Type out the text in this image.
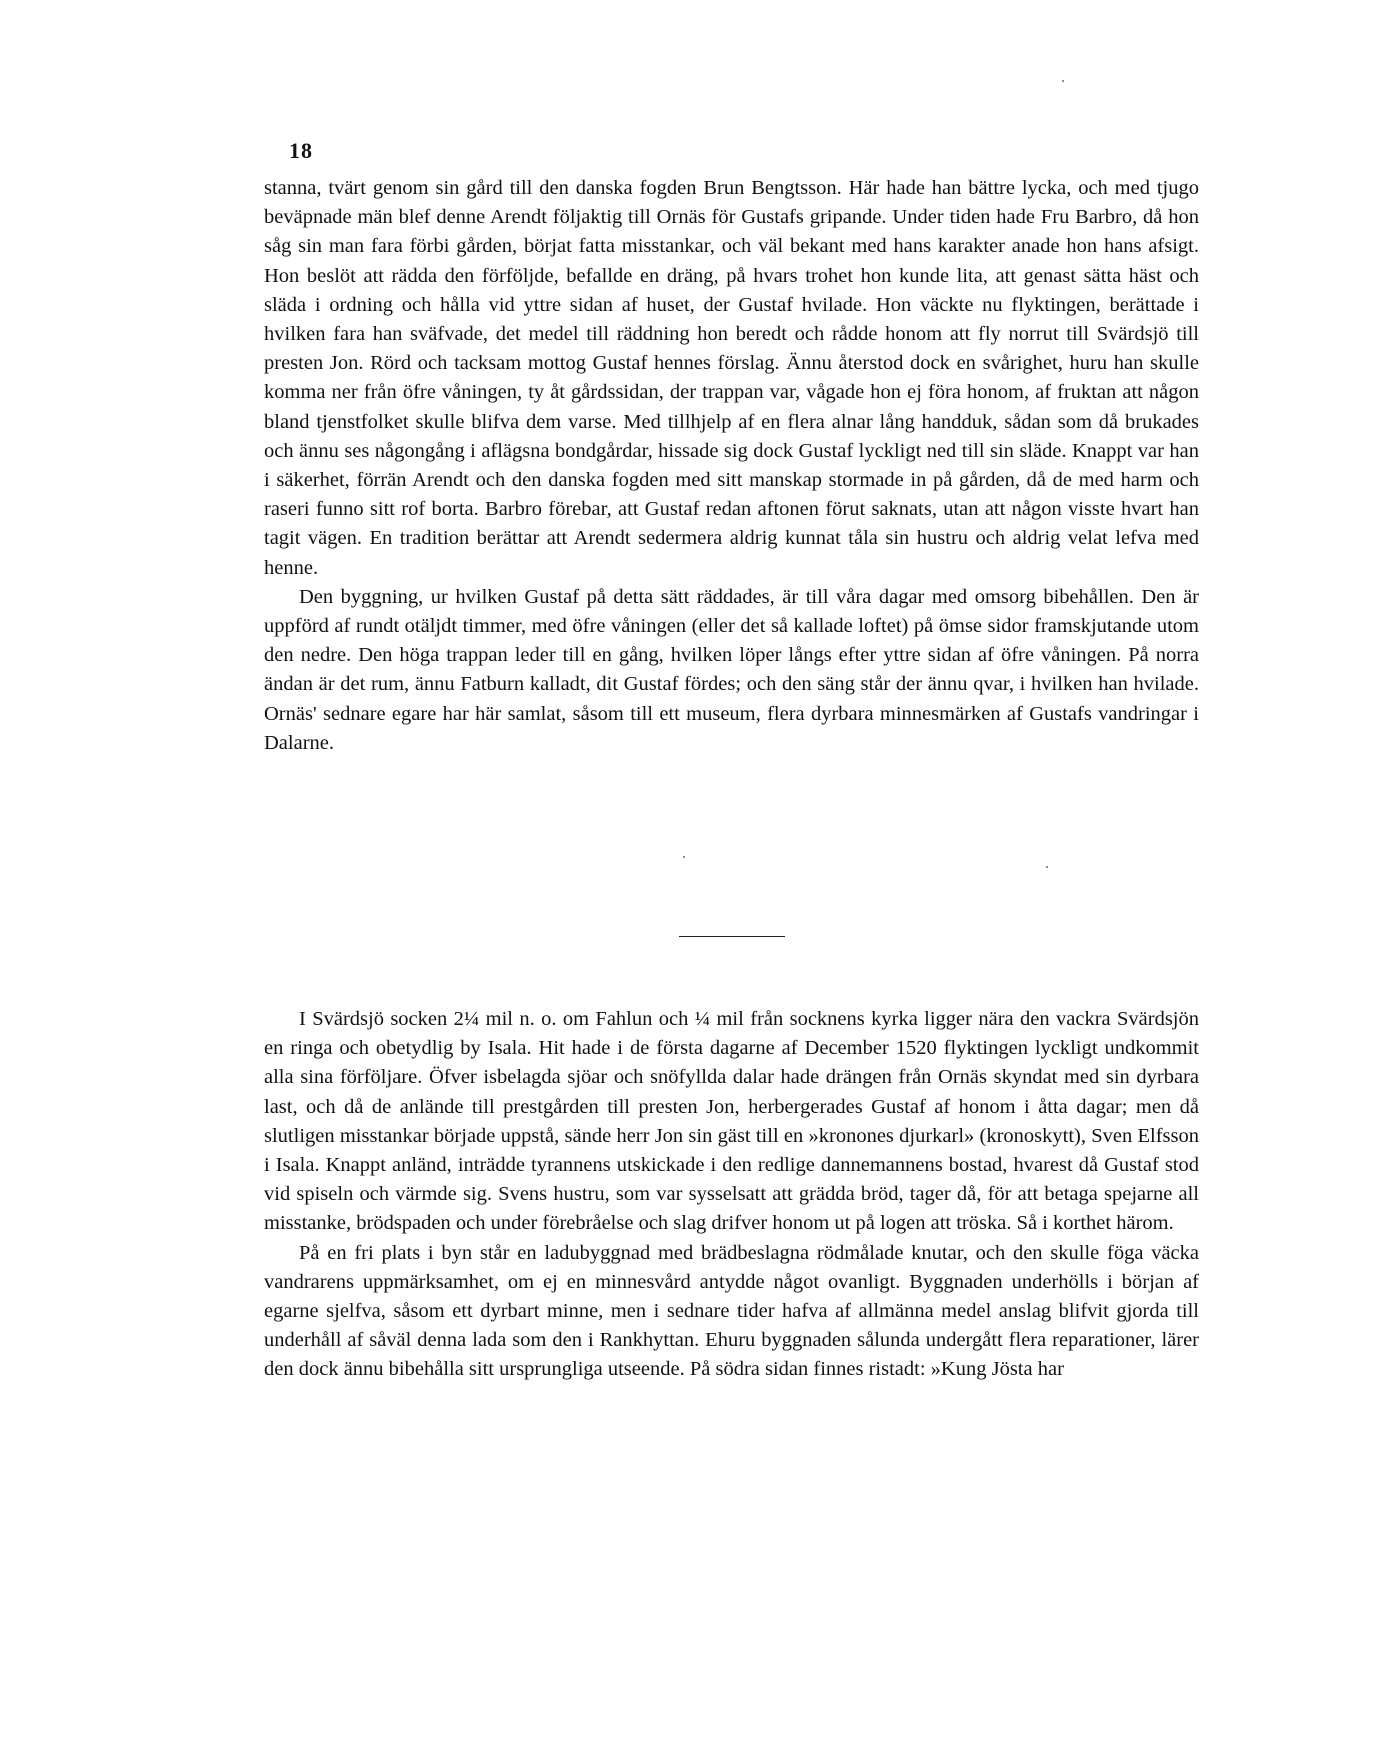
18

stanna, tvärt genom sin gård till den danska fogden Brun Bengtsson. Här hade han bättre lycka, och med tjugo beväpnade män blef denne Arendt följaktig till Ornäs för Gustafs gripande. Under tiden hade Fru Barbro, då hon såg sin man fara förbi gården, börjat fatta misstankar, och väl bekant med hans karakter anade hon hans afsigt. Hon beslöt att rädda den förföljde, befallde en dräng, på hvars trohet hon kunde lita, att genast sätta häst och släda i ordning och hålla vid yttre sidan af huset, der Gustaf hvilade. Hon väckte nu flyktingen, berättade i hvilken fara han sväfvade, det medel till räddning hon beredt och rådde honom att fly norrut till Svärdsjö till presten Jon. Rörd och tacksam mottog Gustaf hennes förslag. Ännu återstod dock en svårighet, huru han skulle komma ner från öfre våningen, ty åt gårdssidan, der trappan var, vågade hon ej föra honom, af fruktan att någon bland tjenstfolket skulle blifva dem varse. Med tillhjelp af en flera alnar lång handduk, sådan som då brukades och ännu ses någongång i aflägsna bondgårdar, hissade sig dock Gustaf lyckligt ned till sin släde. Knappt var han i säkerhet, förrän Arendt och den danska fogden med sitt manskap stormade in på gården, då de med harm och raseri funno sitt rof borta. Barbro förebar, att Gustaf redan aftonen förut saknats, utan att någon visste hvart han tagit vägen. En tradition berättar att Arendt sedermera aldrig kunnat tåla sin hustru och aldrig velat lefva med henne.

Den byggning, ur hvilken Gustaf på detta sätt räddades, är till våra dagar med omsorg bibehållen. Den är uppförd af rundt otäljdt timmer, med öfre våningen (eller det så kallade loftet) på ömse sidor framskjutande utom den nedre. Den höga trappan leder till en gång, hvilken löper långs efter yttre sidan af öfre våningen. På norra ändan är det rum, ännu Fatburn kalladt, dit Gustaf fördes; och den säng står der ännu qvar, i hvilken han hvilade. Ornäs' sednare egare har här samlat, såsom till ett museum, flera dyrbara minnesmärken af Gustafs vandringar i Dalarne.

I Svärdsjö socken 2¼ mil n. o. om Fahlun och ¼ mil från socknens kyrka ligger nära den vackra Svärdsjön en ringa och obetydlig by Isala. Hit hade i de första dagarne af December 1520 flyktingen lyckligt undkommit alla sina förföljare. Öfver isbelagda sjöar och snöfyllda dalar hade drängen från Ornäs skyndat med sin dyrbara last, och då de anlände till prestgården till presten Jon, herbergerades Gustaf af honom i åtta dagar; men då slutligen misstankar började uppstå, sände herr Jon sin gäst till en »kronones djurkarl» (kronoskytt), Sven Elfsson i Isala. Knappt anländ, inträdde tyrannens utskickade i den redlige dannemannens bostad, hvarest då Gustaf stod vid spiseln och värmde sig. Svens hustru, som var sysselsatt att grädda bröd, tager då, för att betaga spejarne all misstanke, brödspaden och under förebråelse och slag drifver honom ut på logen att tröska. Så i korthet härom.

På en fri plats i byn står en ladubyggnad med brädbeslagna rödmålade knutar, och den skulle föga väcka vandrarens uppmärksamhet, om ej en minnesvård antydde något ovanligt. Byggnaden underhölls i början af egarne sjelfva, såsom ett dyrbart minne, men i sednare tider hafva af allmänna medel anslag blifvit gjorda till underhåll af såväl denna lada som den i Rankhyttan. Ehuru byggnaden sålunda undergått flera reparationer, lärer den dock ännu bibehålla sitt ursprungliga utseende. På södra sidan finnes ristadt: »Kung Jösta har
